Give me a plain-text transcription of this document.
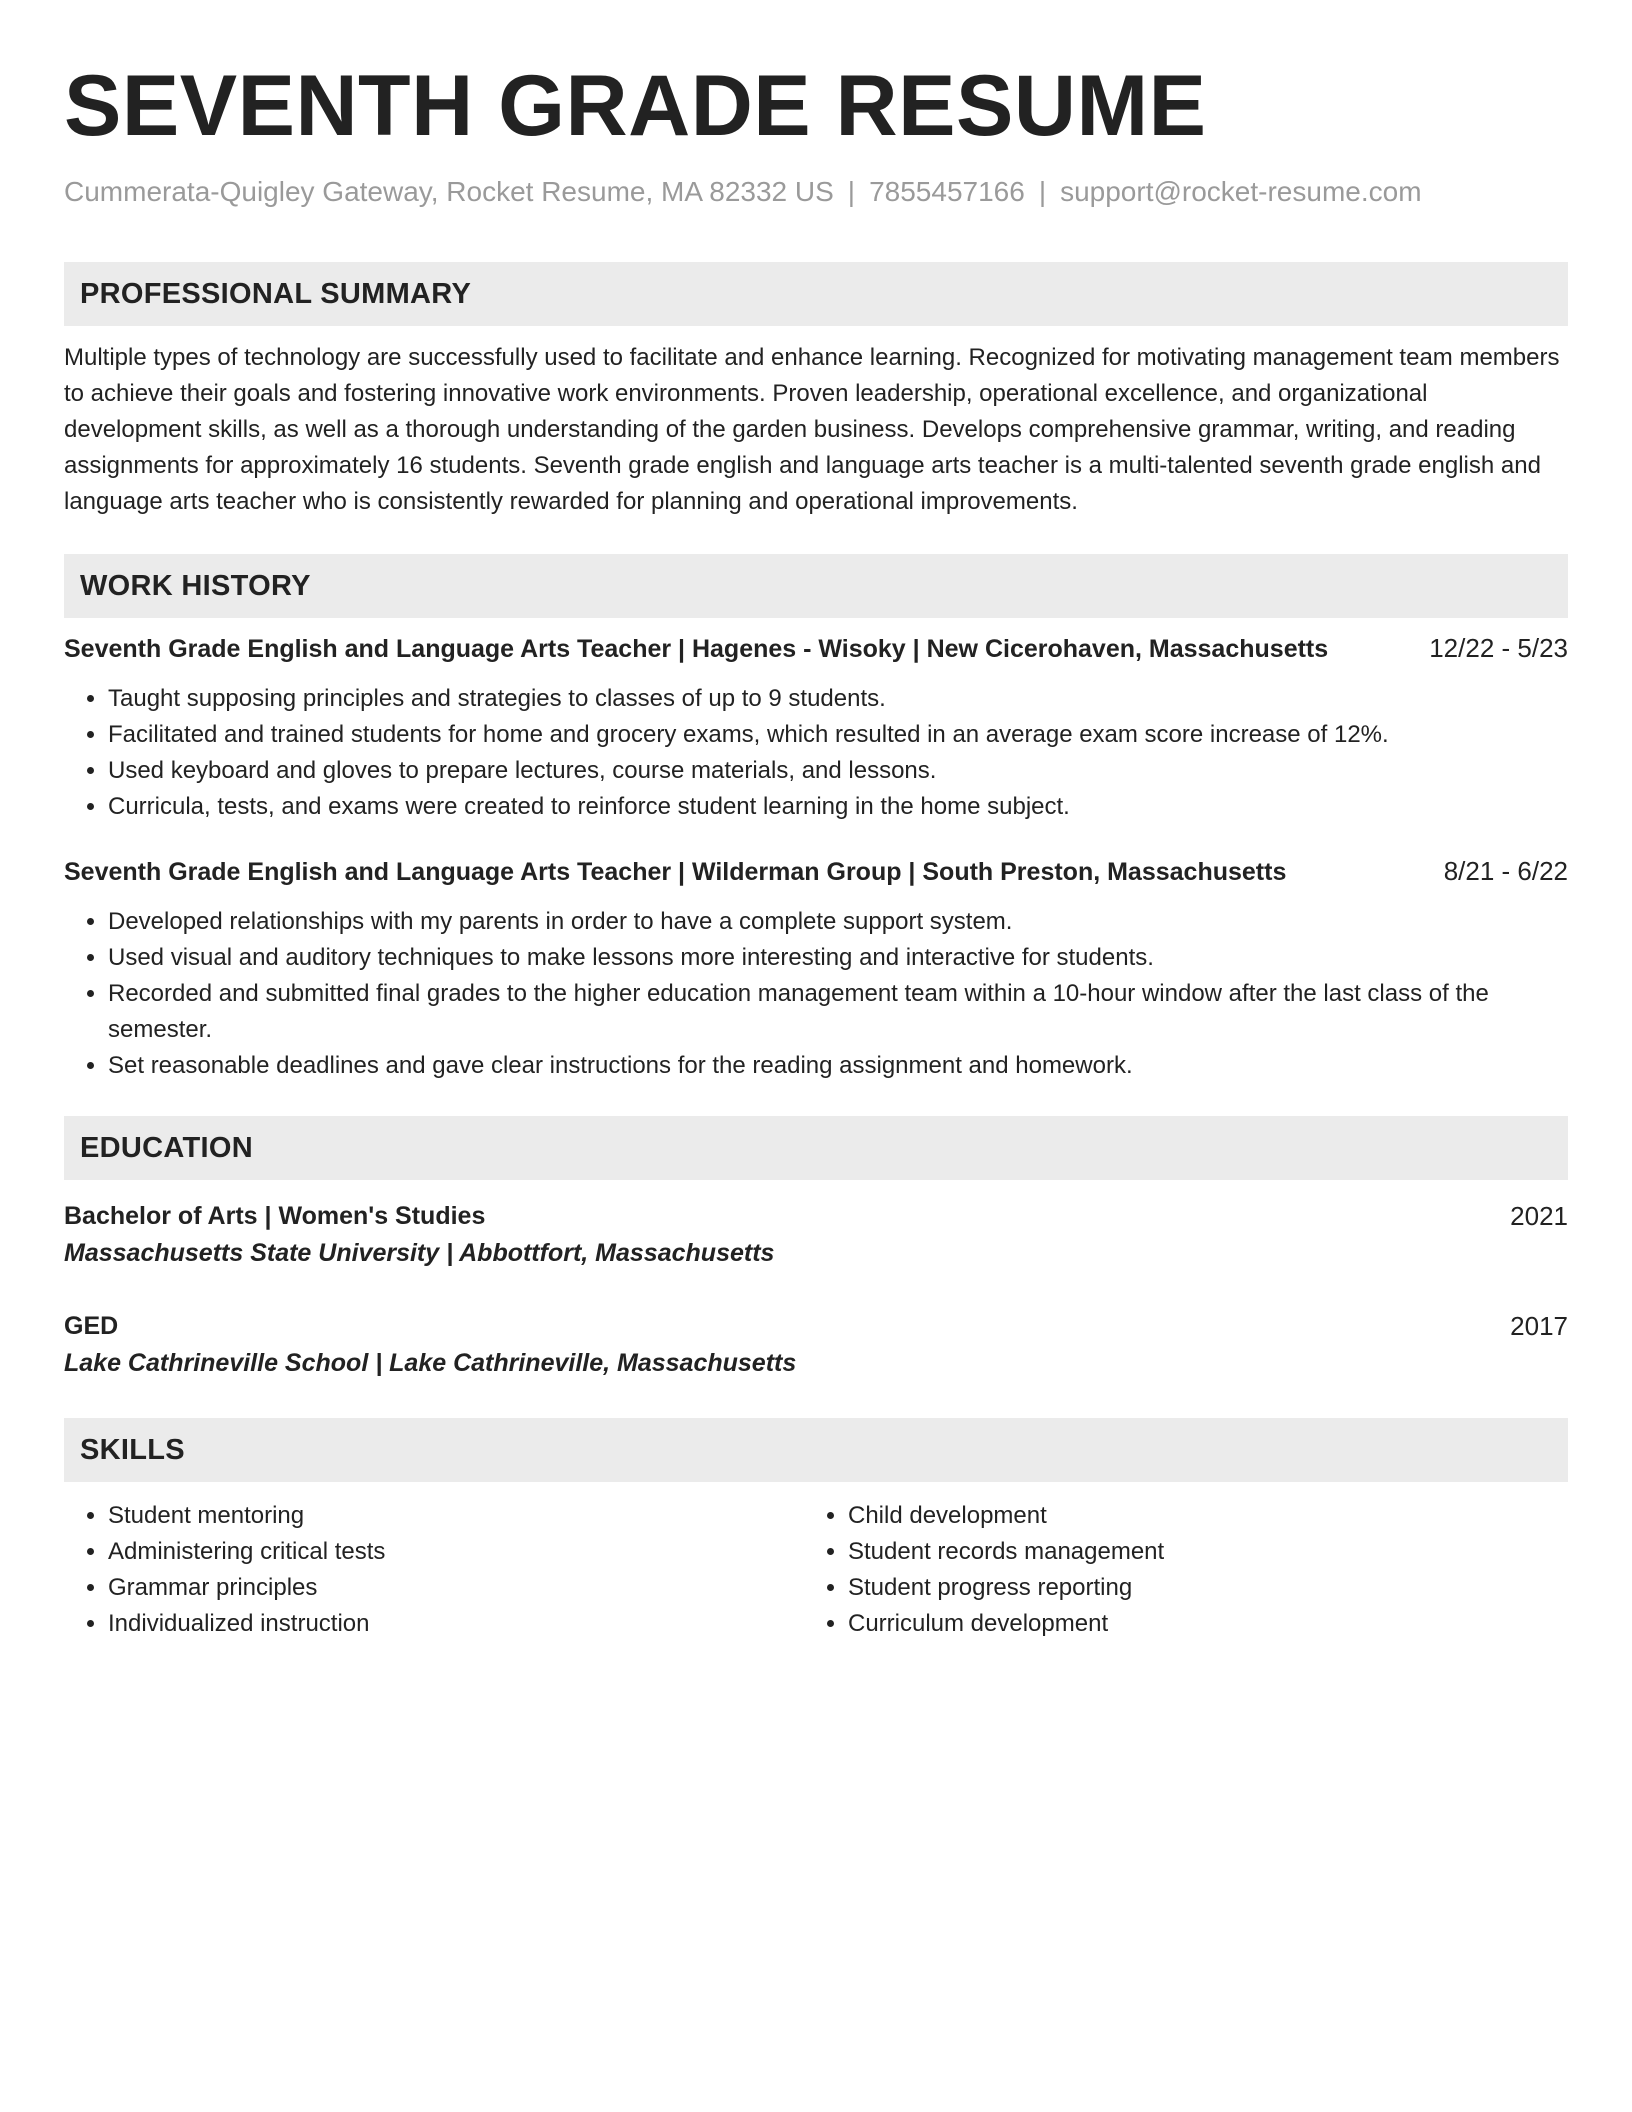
SEVENTH GRADE RESUME
Cummerata-Quigley Gateway, Rocket Resume, MA 82332 US | 7855457166 | support@rocket-resume.com
PROFESSIONAL SUMMARY

Multiple types of technology are successfully used to facilitate and enhance learning. Recognized for motivating management team members to achieve their goals and fostering innovative work environments. Proven leadership, operational excellence, and organizational development skills, as well as a thorough understanding of the garden business. Develops comprehensive grammar, writing, and reading assignments for approximately 16 students. Seventh grade english and language arts teacher is a multi-talented seventh grade english and language arts teacher who is consistently rewarded for planning and operational improvements.

WORK HISTORY
Seventh Grade English and Language Arts Teacher | Hagenes - Wisoky | New Cicerohaven, Massachusetts	12/22 - 5/23
• Taught supposing principles and strategies to classes of up to 9 students.
• Facilitated and trained students for home and grocery exams, which resulted in an average exam score increase of 12%.
• Used keyboard and gloves to prepare lectures, course materials, and lessons.
• Curricula, tests, and exams were created to reinforce student learning in the home subject.
Seventh Grade English and Language Arts Teacher | Wilderman Group | South Preston, Massachusetts	8/21 - 6/22
• Developed relationships with my parents in order to have a complete support system.
• Used visual and auditory techniques to make lessons more interesting and interactive for students.
• Recorded and submitted final grades to the higher education management team within a 10-hour window after the last class of the semester.
• Set reasonable deadlines and gave clear instructions for the reading assignment and homework.
EDUCATION
Bachelor of Arts | Women's Studies	2021
Massachusetts State University | Abbottfort, Massachusetts
GED	2017
Lake Cathrineville School | Lake Cathrineville, Massachusetts
SKILLS
• Student mentoring
• Administering critical tests
• Grammar principles
• Individualized instruction
• Child development
• Student records management
• Student progress reporting
• Curriculum development
